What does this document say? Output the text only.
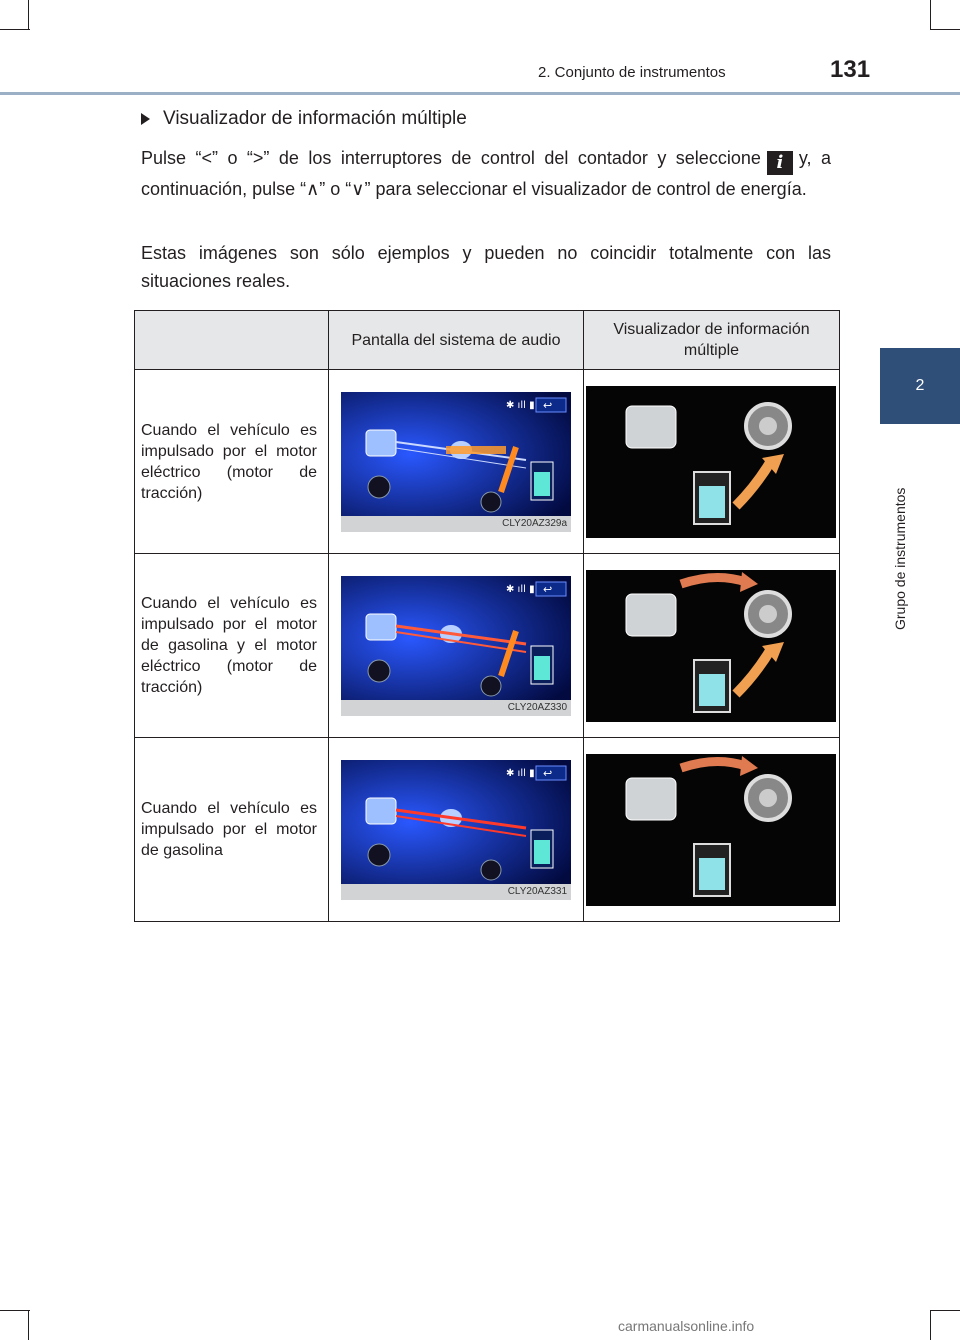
2. Conjunto de instrumentos	131
2
Grupo de instrumentos
Visualizador de información múltiple
Pulse “<” o “>” de los interruptores de control del contador y seleccione i y, a continuación, pulse “∧” o “∨” para seleccionar el visualizador de control de energía.
Estas imágenes son sólo ejemplos y pueden no coincidir totalmente con las situaciones reales.
	Pantalla del sistema de audio	Visualizador de información múltiple
Cuando el vehículo es impulsado por el motor eléctrico (motor de tracción)	✱ ıll ▮ ↩
CLY20AZ329a

Cuando el vehículo es impulsado por el motor de gasolina y el motor eléctrico (motor de tracción)	✱ ıll ▮ ↩
CLY20AZ330

Cuando el vehículo es impulsado por el motor de gasolina	✱ ıll ▮ ↩
CLY20AZ331

carmanualsonline.info
